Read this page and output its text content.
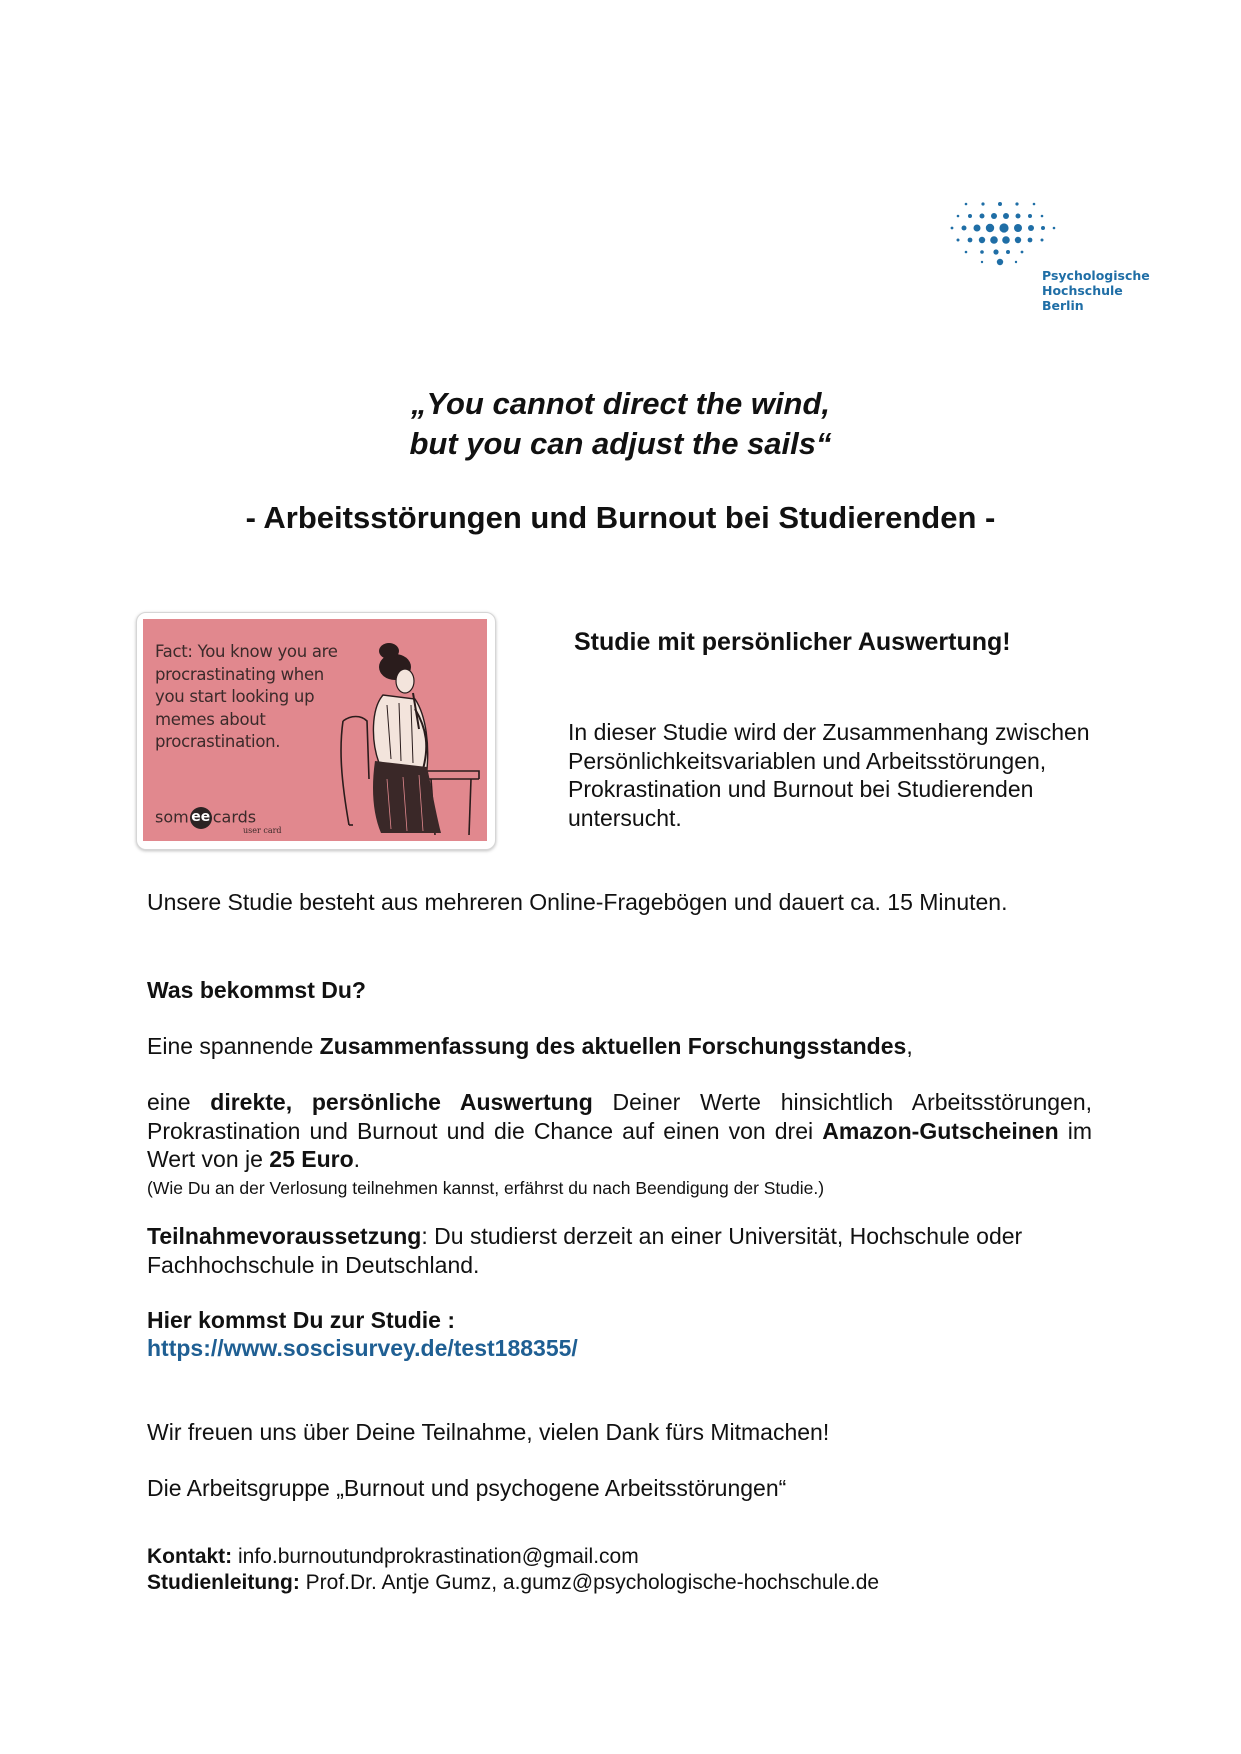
Psychologische
Hochschule Berlin
„You cannot direct the wind,
but you can adjust the sails“
- Arbeitsstörungen und Burnout bei Studierenden -
Fact: You know you are procrastinating when you start looking up memes about procrastination.
som ee cards
user card
Studie mit persönlicher Auswertung!
In dieser Studie wird der Zusammenhang zwischen Persönlichkeitsvariablen und Arbeitsstörungen, Prokrastination und Burnout bei Studierenden untersucht.
Unsere Studie besteht aus mehreren Online-Fragebögen und dauert ca. 15 Minuten.
Was bekommst Du?
Eine spannende Zusammenfassung des aktuellen Forschungsstandes,
eine direkte, persönliche Auswertung Deiner Werte hinsichtlich Arbeitsstörungen, Prokrastination und Burnout und die Chance auf einen von drei Amazon-Gutscheinen im Wert von je 25 Euro.
(Wie Du an der Verlosung teilnehmen kannst, erfährst du nach Beendigung der Studie.)
Teilnahmevoraussetzung: Du studierst derzeit an einer Universität, Hochschule oder Fachhochschule in Deutschland.
Hier kommst Du zur Studie :
https://www.soscisurvey.de/test188355/
Wir freuen uns über Deine Teilnahme, vielen Dank fürs Mitmachen!
Die Arbeitsgruppe „Burnout und psychogene Arbeitsstörungen“
Kontakt: info.burnoutundprokrastination@gmail.com
Studienleitung: Prof.Dr. Antje Gumz, a.gumz@psychologische-hochschule.de
